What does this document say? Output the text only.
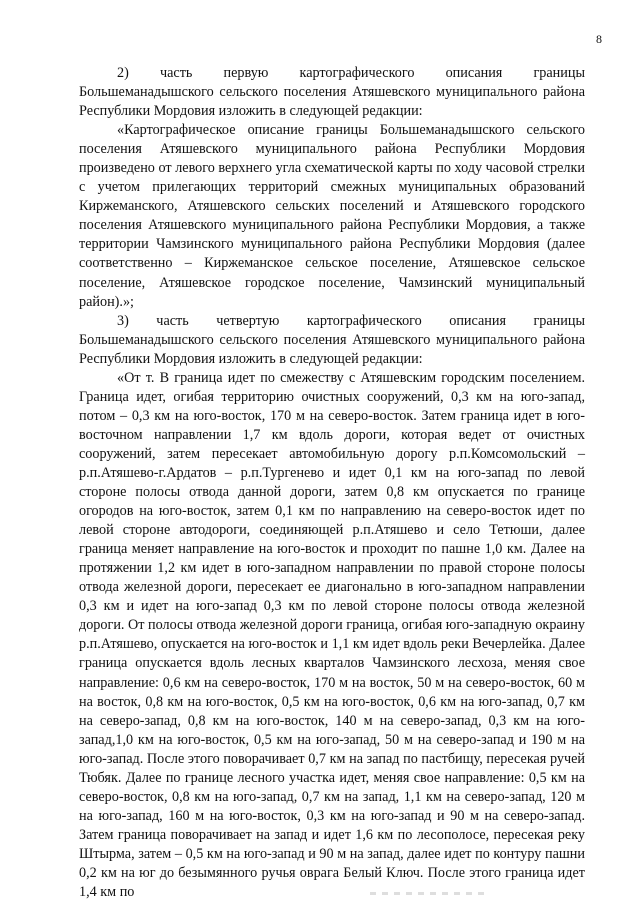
8

2) часть первую картографического описания границы Большеманадышского сельского поселения Атяшевского муниципального района Республики Мордовия изложить в следующей редакции:

«Картографическое описание границы Большеманадышского сельского поселения Атяшевского муниципального района Республики Мордовия произведено от левого верхнего угла схематической карты по ходу часовой стрелки с учетом прилегающих территорий смежных муниципальных образований Киржеманского, Атяшевского сельских поселений и Атяшевского городского поселения Атяшевского муниципального района Республики Мордовия, а также территории Чамзинского муниципального района Республики Мордовия (далее соответственно – Киржеманское сельское поселение, Атяшевское сельское поселение, Атяшевское городское поселение, Чамзинский муниципальный район).»;

3) часть четвертую картографического описания границы Большеманадышского сельского поселения Атяшевского муниципального района Республики Мордовия изложить в следующей редакции:

«От т. В граница идет по смежеству с Атяшевским городским поселением. Граница идет, огибая территорию очистных сооружений, 0,3 км на юго-запад, потом – 0,3 км на юго-восток, 170 м на северо-восток. Затем граница идет в юго-восточном направлении 1,7 км вдоль дороги, которая ведет от очистных сооружений, затем пересекает автомобильную дорогу р.п.Комсомольский – р.п.Атяшево-г.Ардатов – р.п.Тургенево и идет 0,1 км на юго-запад по левой стороне полосы отвода данной дороги, затем 0,8 км опускается по границе огородов на юго-восток, затем 0,1 км по направлению на северо-восток идет по левой стороне автодороги, соединяющей р.п.Атяшево и село Тетюши, далее граница меняет направление на юго-восток и проходит по пашне 1,0 км. Далее на протяжении 1,2 км идет в юго-западном направлении по правой стороне полосы отвода железной дороги, пересекает ее диагонально в юго-западном направлении 0,3 км и идет на юго-запад 0,3 км по левой стороне полосы отвода железной дороги. От полосы отвода железной дороги граница, огибая юго-западную окраину р.п.Атяшево, опускается на юго-восток и 1,1 км идет вдоль реки Вечерлейка. Далее граница опускается вдоль лесных кварталов Чамзинского лесхоза, меняя свое направление: 0,6 км на северо-восток, 170 м на восток, 50 м на северо-восток, 60 м на восток, 0,8 км на юго-восток, 0,5 км на юго-восток, 0,6 км на юго-запад, 0,7 км на северо-запад, 0,8 км на юго-восток, 140 м на северо-запад, 0,3 км на юго-запад,1,0 км на юго-восток, 0,5 км на юго-запад, 50 м на северо-запад и 190 м на юго-запад. После этого поворачивает 0,7 км на запад по пастбищу, пересекая ручей Тюбяк. Далее по границе лесного участка идет, меняя свое направление: 0,5 км на северо-восток, 0,8 км на юго-запад, 0,7 км на запад, 1,1 км на северо-запад, 120 м на юго-запад, 160 м на юго-восток, 0,3 км на юго-запад и 90 м на северо-запад. Затем граница поворачивает на запад и идет 1,6 км по лесополосе, пересекая реку Штырма, затем – 0,5 км на юго-запад и 90 м на запад, далее идет по контуру пашни 0,2 км на юг до безымянного ручья оврага Белый Ключ. После этого граница идет 1,4 км по
